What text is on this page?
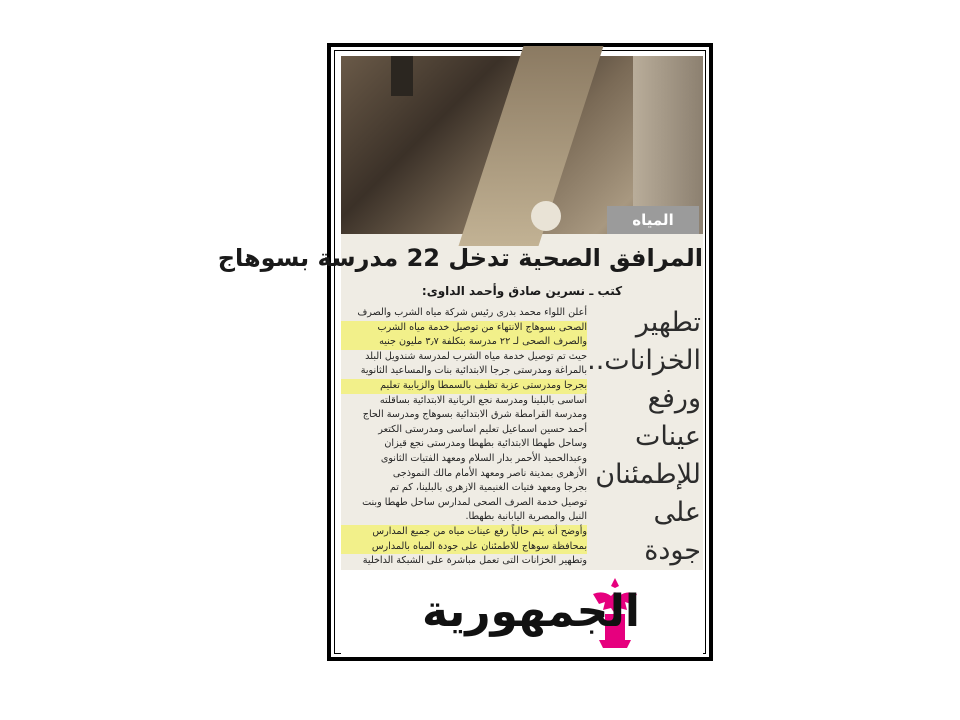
المياه
المرافق الصحية تدخل 22 مدرسة بسوهاج
كتب ـ نسرين صادق وأحمد الداوى:
أعلن اللواء محمد بدرى رئيس شركة مياه الشرب والصرف
الصحى بسوهاج الانتهاء من توصيل خدمة مياه الشرب
والصرف الصحى لـ ٢٢ مدرسة بتكلفة ٣٫٧ مليون جنيه
حيث تم توصيل خدمة مياه الشرب لمدرسة شندويل البلد
بالمراغة ومدرستى جرجا الابتدائية بنات والمساعيد الثانوية
بجرجا ومدرستى عزبة تظيف بالسمطا والزيابية تعليم
أساسى بالبلينا ومدرسة نجع الريانية الابتدائية بساقلته
ومدرسة القرامطة شرق الابتدائية بسوهاج ومدرسة الحاج
أحمد حسين اسماعيل تعليم اساسى ومدرستى الكتعر
وساحل طهطا الابتدائية بطهطا ومدرستى نجع قيزان
وعبدالحميد الأحمر بدار السلام ومعهد الفتيات الثانوى
الأزهرى بمدينة ناصر ومعهد الأمام مالك النموذجى
بجرجا ومعهد فتيات الغنيمية الازهرى بالبلينا، كم تم
توصيل خدمة الصرف الصحى لمدارس ساحل طهطا وبنت
النيل والمصرية اليابانية بطهطا.
وأوضح أنه يتم حالياً رفع عينات مياه من جميع المدارس
بمحافظة سوهاج للاطمئنان على جودة المياه بالمدارس
وتطهير الخزانات التى تعمل مباشرة على الشبكة الداخلية
تطهير
الخزانات..
ورفع
عينات
للإطمئنان
على جودة
الجمهورية
